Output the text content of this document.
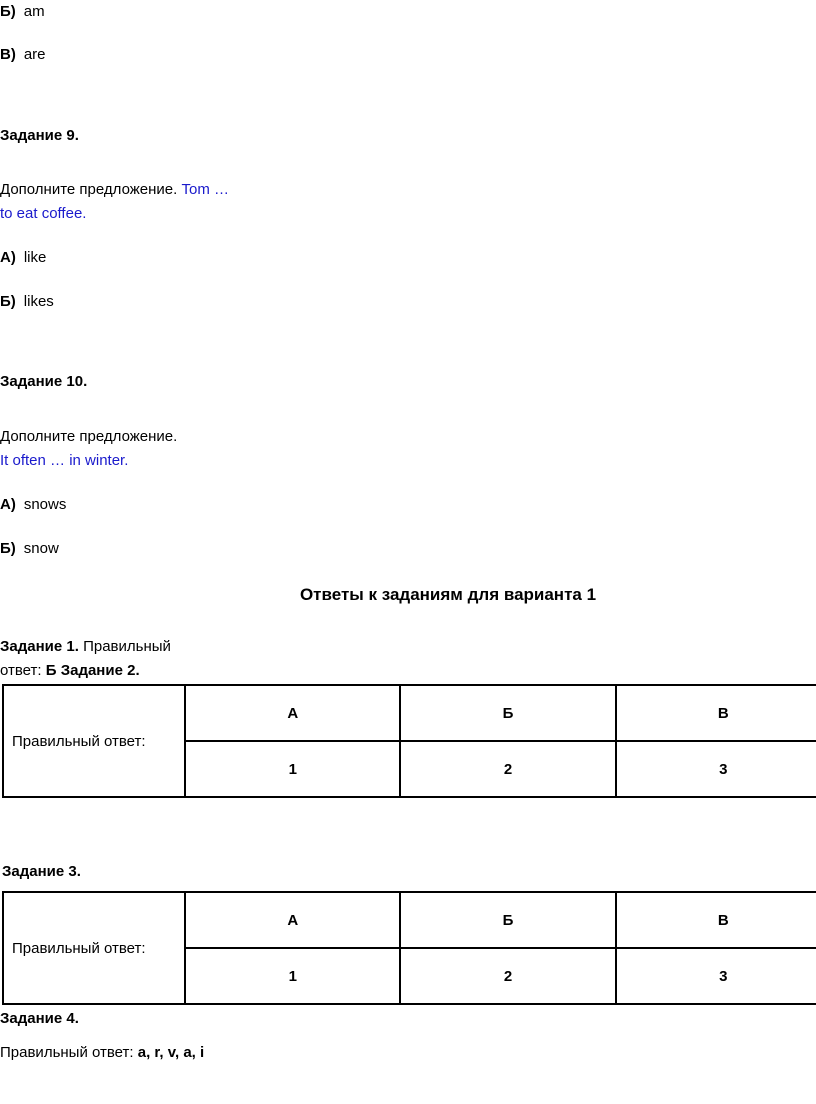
Б) am
В) are
Задание 9.
Дополните предложение. Tom …
to eat coffee.
А) like
Б) likes
Задание 10.
Дополните предложение.
It often … in winter.
А) snows
Б) snow
Ответы к заданиям для варианта 1
Задание 1. Правильный
ответ: Б Задание 2.
Правильный ответ:	А	Б	В
	1	2	3
Задание 3.
Правильный ответ:	А	Б	В
	1	2	3
Задание 4.
Правильный ответ: a, r, v, a, i
